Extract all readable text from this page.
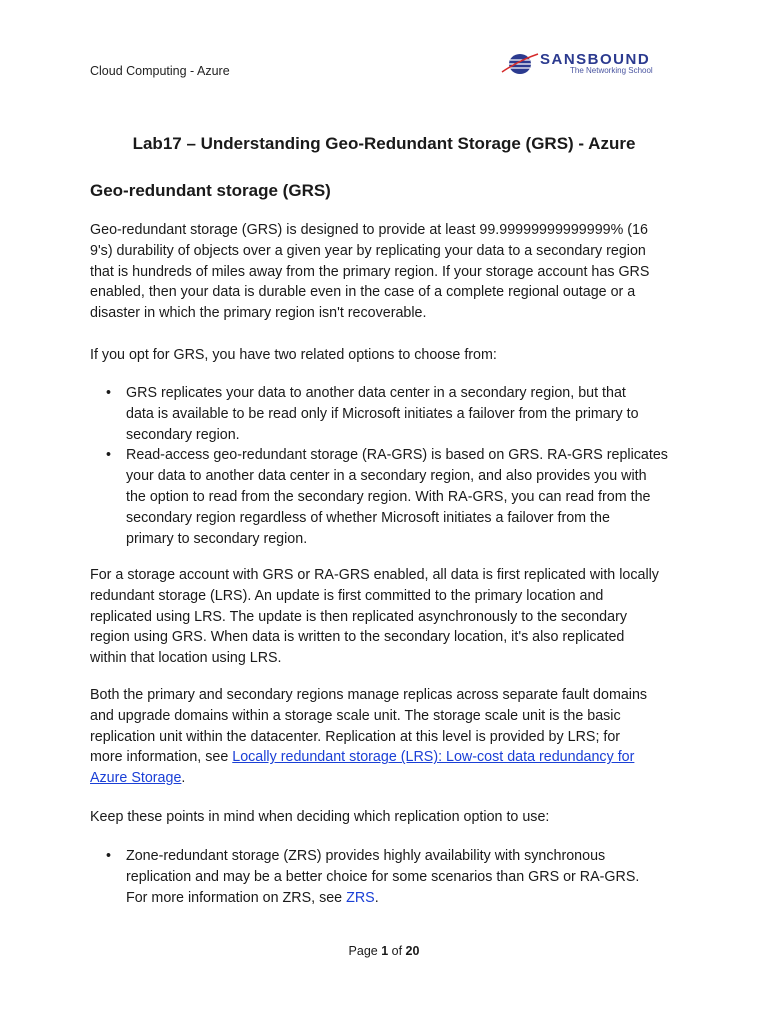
Cloud Computing - Azure
SANSBOUND
The Networking School
Lab17 – Understanding Geo-Redundant Storage (GRS) - Azure
Geo-redundant storage (GRS)
Geo-redundant storage (GRS) is designed to provide at least 99.99999999999999% (16
9's) durability of objects over a given year by replicating your data to a secondary region
that is hundreds of miles away from the primary region. If your storage account has GRS
enabled, then your data is durable even in the case of a complete regional outage or a
disaster in which the primary region isn't recoverable.
If you opt for GRS, you have two related options to choose from:
• GRS replicates your data to another data center in a secondary region, but that
data is available to be read only if Microsoft initiates a failover from the primary to
secondary region.
• Read-access geo-redundant storage (RA-GRS) is based on GRS. RA-GRS replicates
your data to another data center in a secondary region, and also provides you with
the option to read from the secondary region. With RA-GRS, you can read from the
secondary region regardless of whether Microsoft initiates a failover from the
primary to secondary region.
For a storage account with GRS or RA-GRS enabled, all data is first replicated with locally
redundant storage (LRS). An update is first committed to the primary location and
replicated using LRS. The update is then replicated asynchronously to the secondary
region using GRS. When data is written to the secondary location, it's also replicated
within that location using LRS.
Both the primary and secondary regions manage replicas across separate fault domains
and upgrade domains within a storage scale unit. The storage scale unit is the basic
replication unit within the datacenter. Replication at this level is provided by LRS; for
more information, see Locally redundant storage (LRS): Low-cost data redundancy for
Azure Storage.
Keep these points in mind when deciding which replication option to use:
• Zone-redundant storage (ZRS) provides highly availability with synchronous
replication and may be a better choice for some scenarios than GRS or RA-GRS.
For more information on ZRS, see ZRS.
Page 1 of 20
